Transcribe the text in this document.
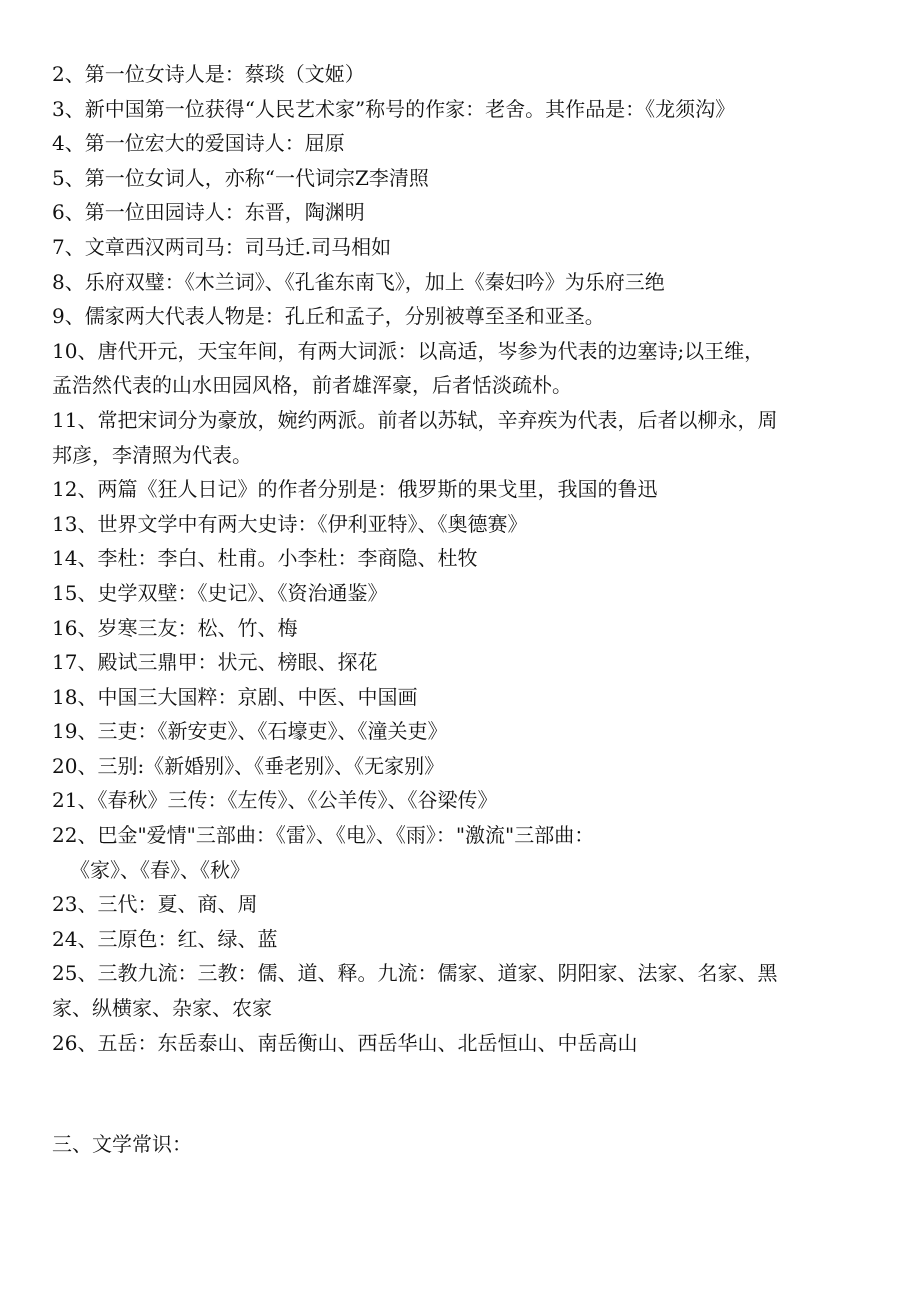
2、第一位女诗人是：蔡琰（文姬）

3、新中国第一位获得“人民艺术家”称号的作家：老舍。其作品是：《龙须沟》

4、第一位宏大的爱国诗人：屈原

5、第一位女词人，亦称“一代词宗Z李清照

6、第一位田园诗人：东晋，陶渊明

7、文章西汉两司马：司马迁.司马相如

8、乐府双璧：《木兰词》、《孔雀东南飞》，加上《秦妇吟》为乐府三绝

9、儒家两大代表人物是：孔丘和孟子，分别被尊至圣和亚圣。

10、唐代开元，天宝年间，有两大词派：以高适，岑参为代表的边塞诗;以王维，孟浩然代表的山水田园风格，前者雄浑豪，后者恬淡疏朴。

11、常把宋词分为豪放，婉约两派。前者以苏轼，辛弃疾为代表，后者以柳永，周邦彦，李清照为代表。

12、两篇《狂人日记》的作者分别是：俄罗斯的果戈里，我国的鲁迅

13、世界文学中有两大史诗：《伊利亚特》、《奥德赛》

14、李杜：李白、杜甫。小李杜：李商隐、杜牧

15、史学双壁：《史记》、《资治通鉴》

16、岁寒三友：松、竹、梅

17、殿试三鼎甲：状元、榜眼、探花

18、中国三大国粹：京剧、中医、中国画

19、三吏：《新安吏》、《石壕吏》、《潼关吏》

20、三别:《新婚别》、《垂老别》、《无家别》

21、《春秋》三传：《左传》、《公羊传》、《谷梁传》

22、巴金"爱情"三部曲：《雷》、《电》、《雨》："激流"三部曲：
《家》、《春》、《秋》

23、三代：夏、商、周

24、三原色：红、绿、蓝

25、三教九流：三教：儒、道、释。九流：儒家、道家、阴阳家、法家、名家、黑家、纵横家、杂家、农家

26、五岳：东岳泰山、南岳衡山、西岳华山、北岳恒山、中岳高山

三、文学常识：
